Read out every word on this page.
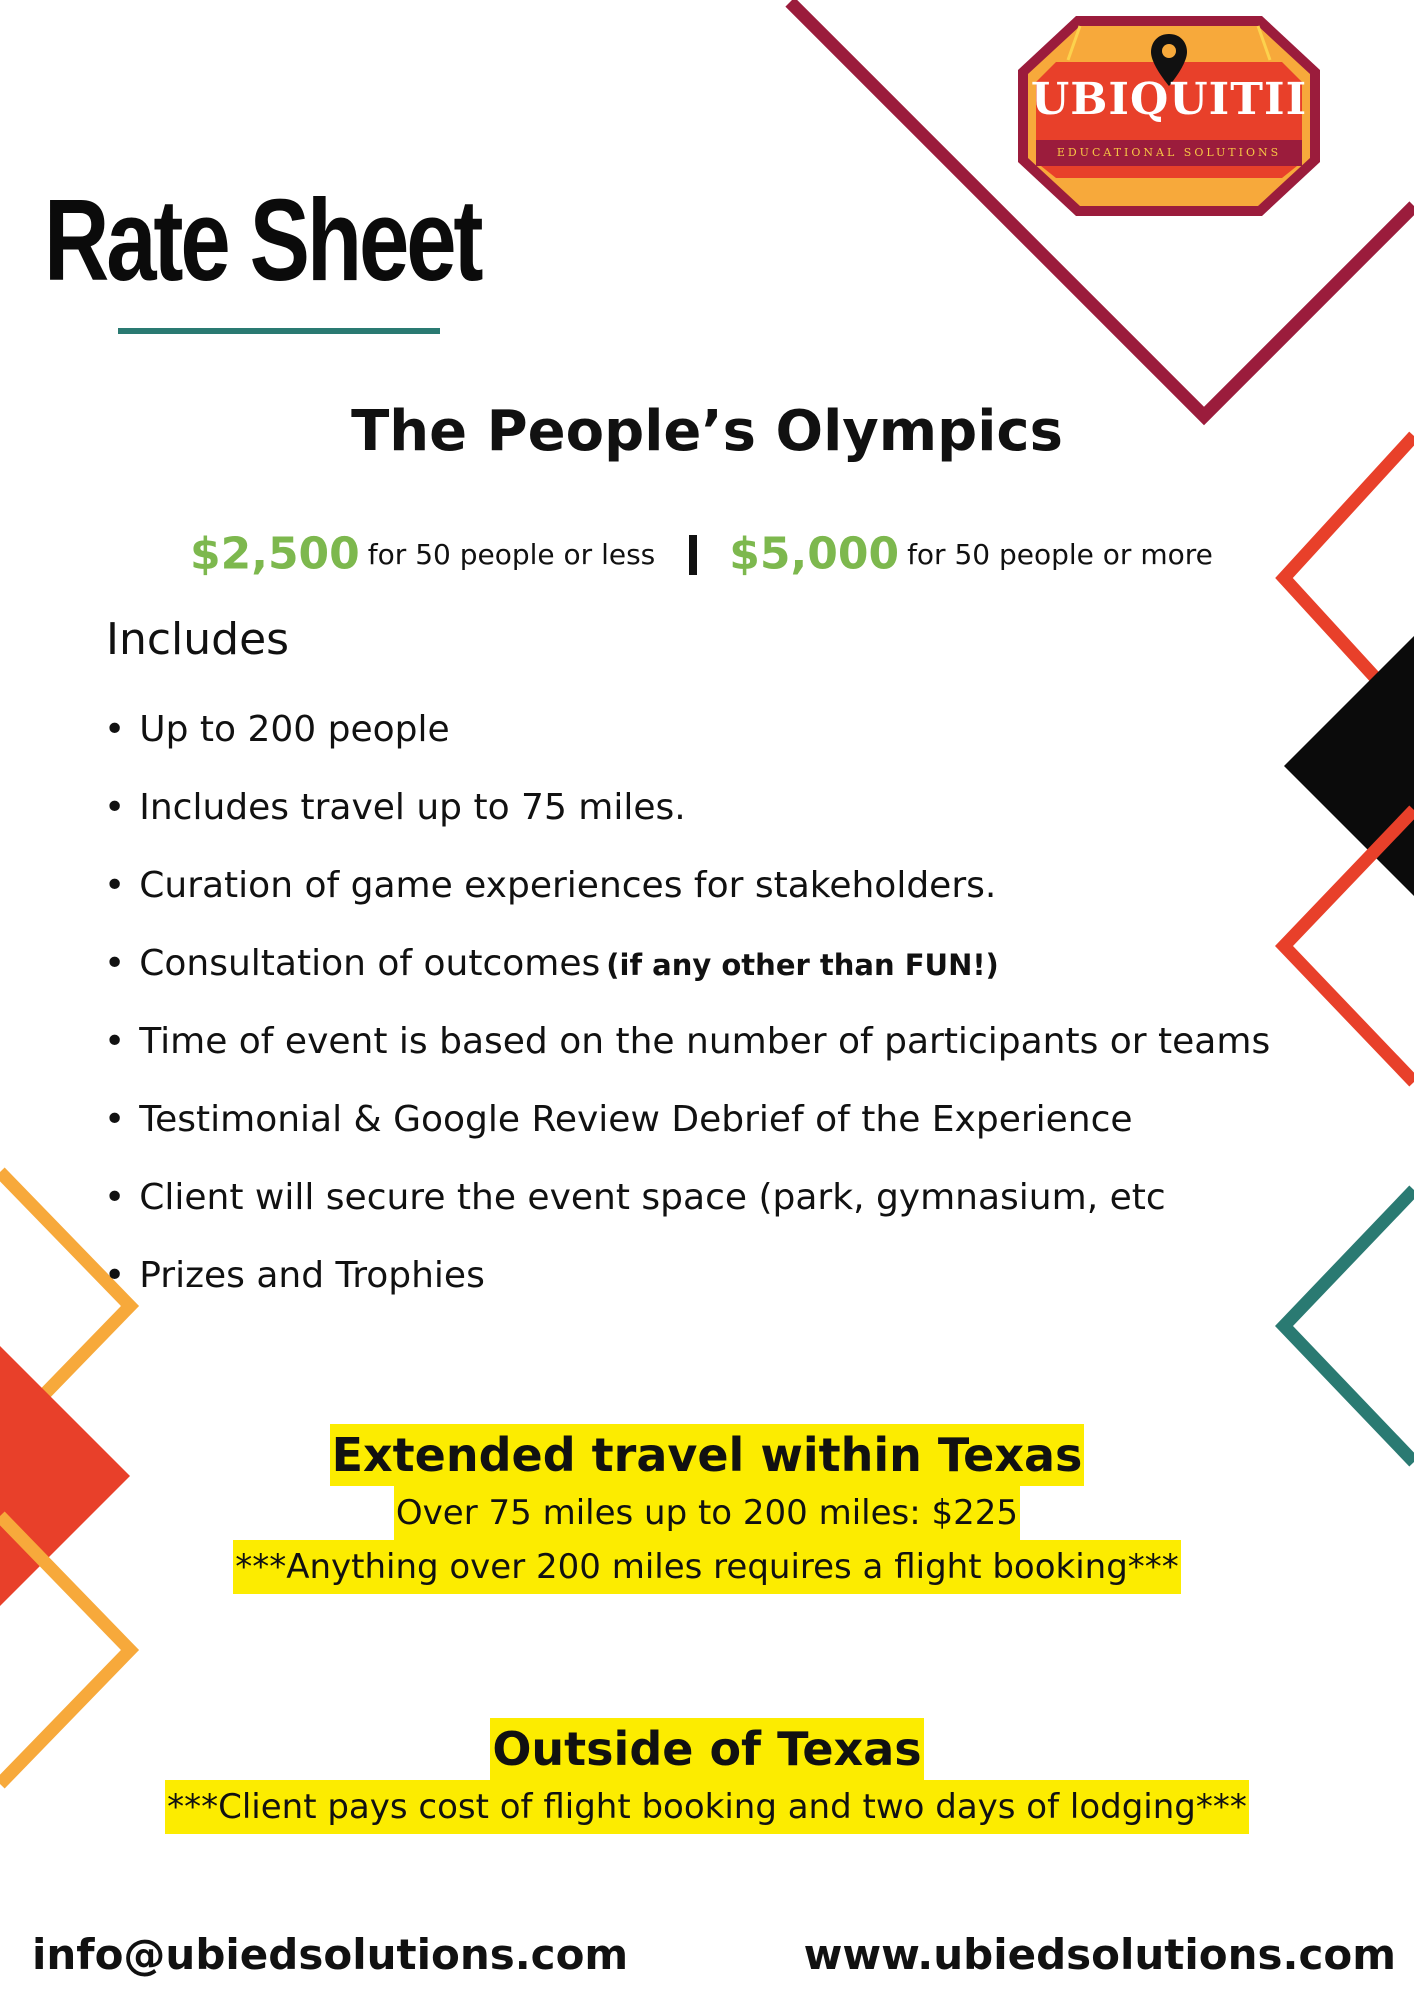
UBIQUITII
EDUCATIONAL SOLUTIONS
Rate Sheet
The People’s Olympics
$2,500 for 50 people or less $5,000 for 50 people or more
Includes
• Up to 200 people
• Includes travel up to 75 miles.
• Curation of game experiences for stakeholders.
• Consultation of outcomes (if any other than FUN!)
• Time of event is based on the number of participants or teams
• Testimonial & Google Review Debrief of the Experience
• Client will secure the event space (park, gymnasium, etc
• Prizes and Trophies
Extended travel within Texas
Over 75 miles up to 200 miles: $225
***Anything over 200 miles requires a flight booking***
Outside of Texas
***Client pays cost of flight booking and two days of lodging***
info@ubiedsolutions.com	www.ubiedsolutions.com
